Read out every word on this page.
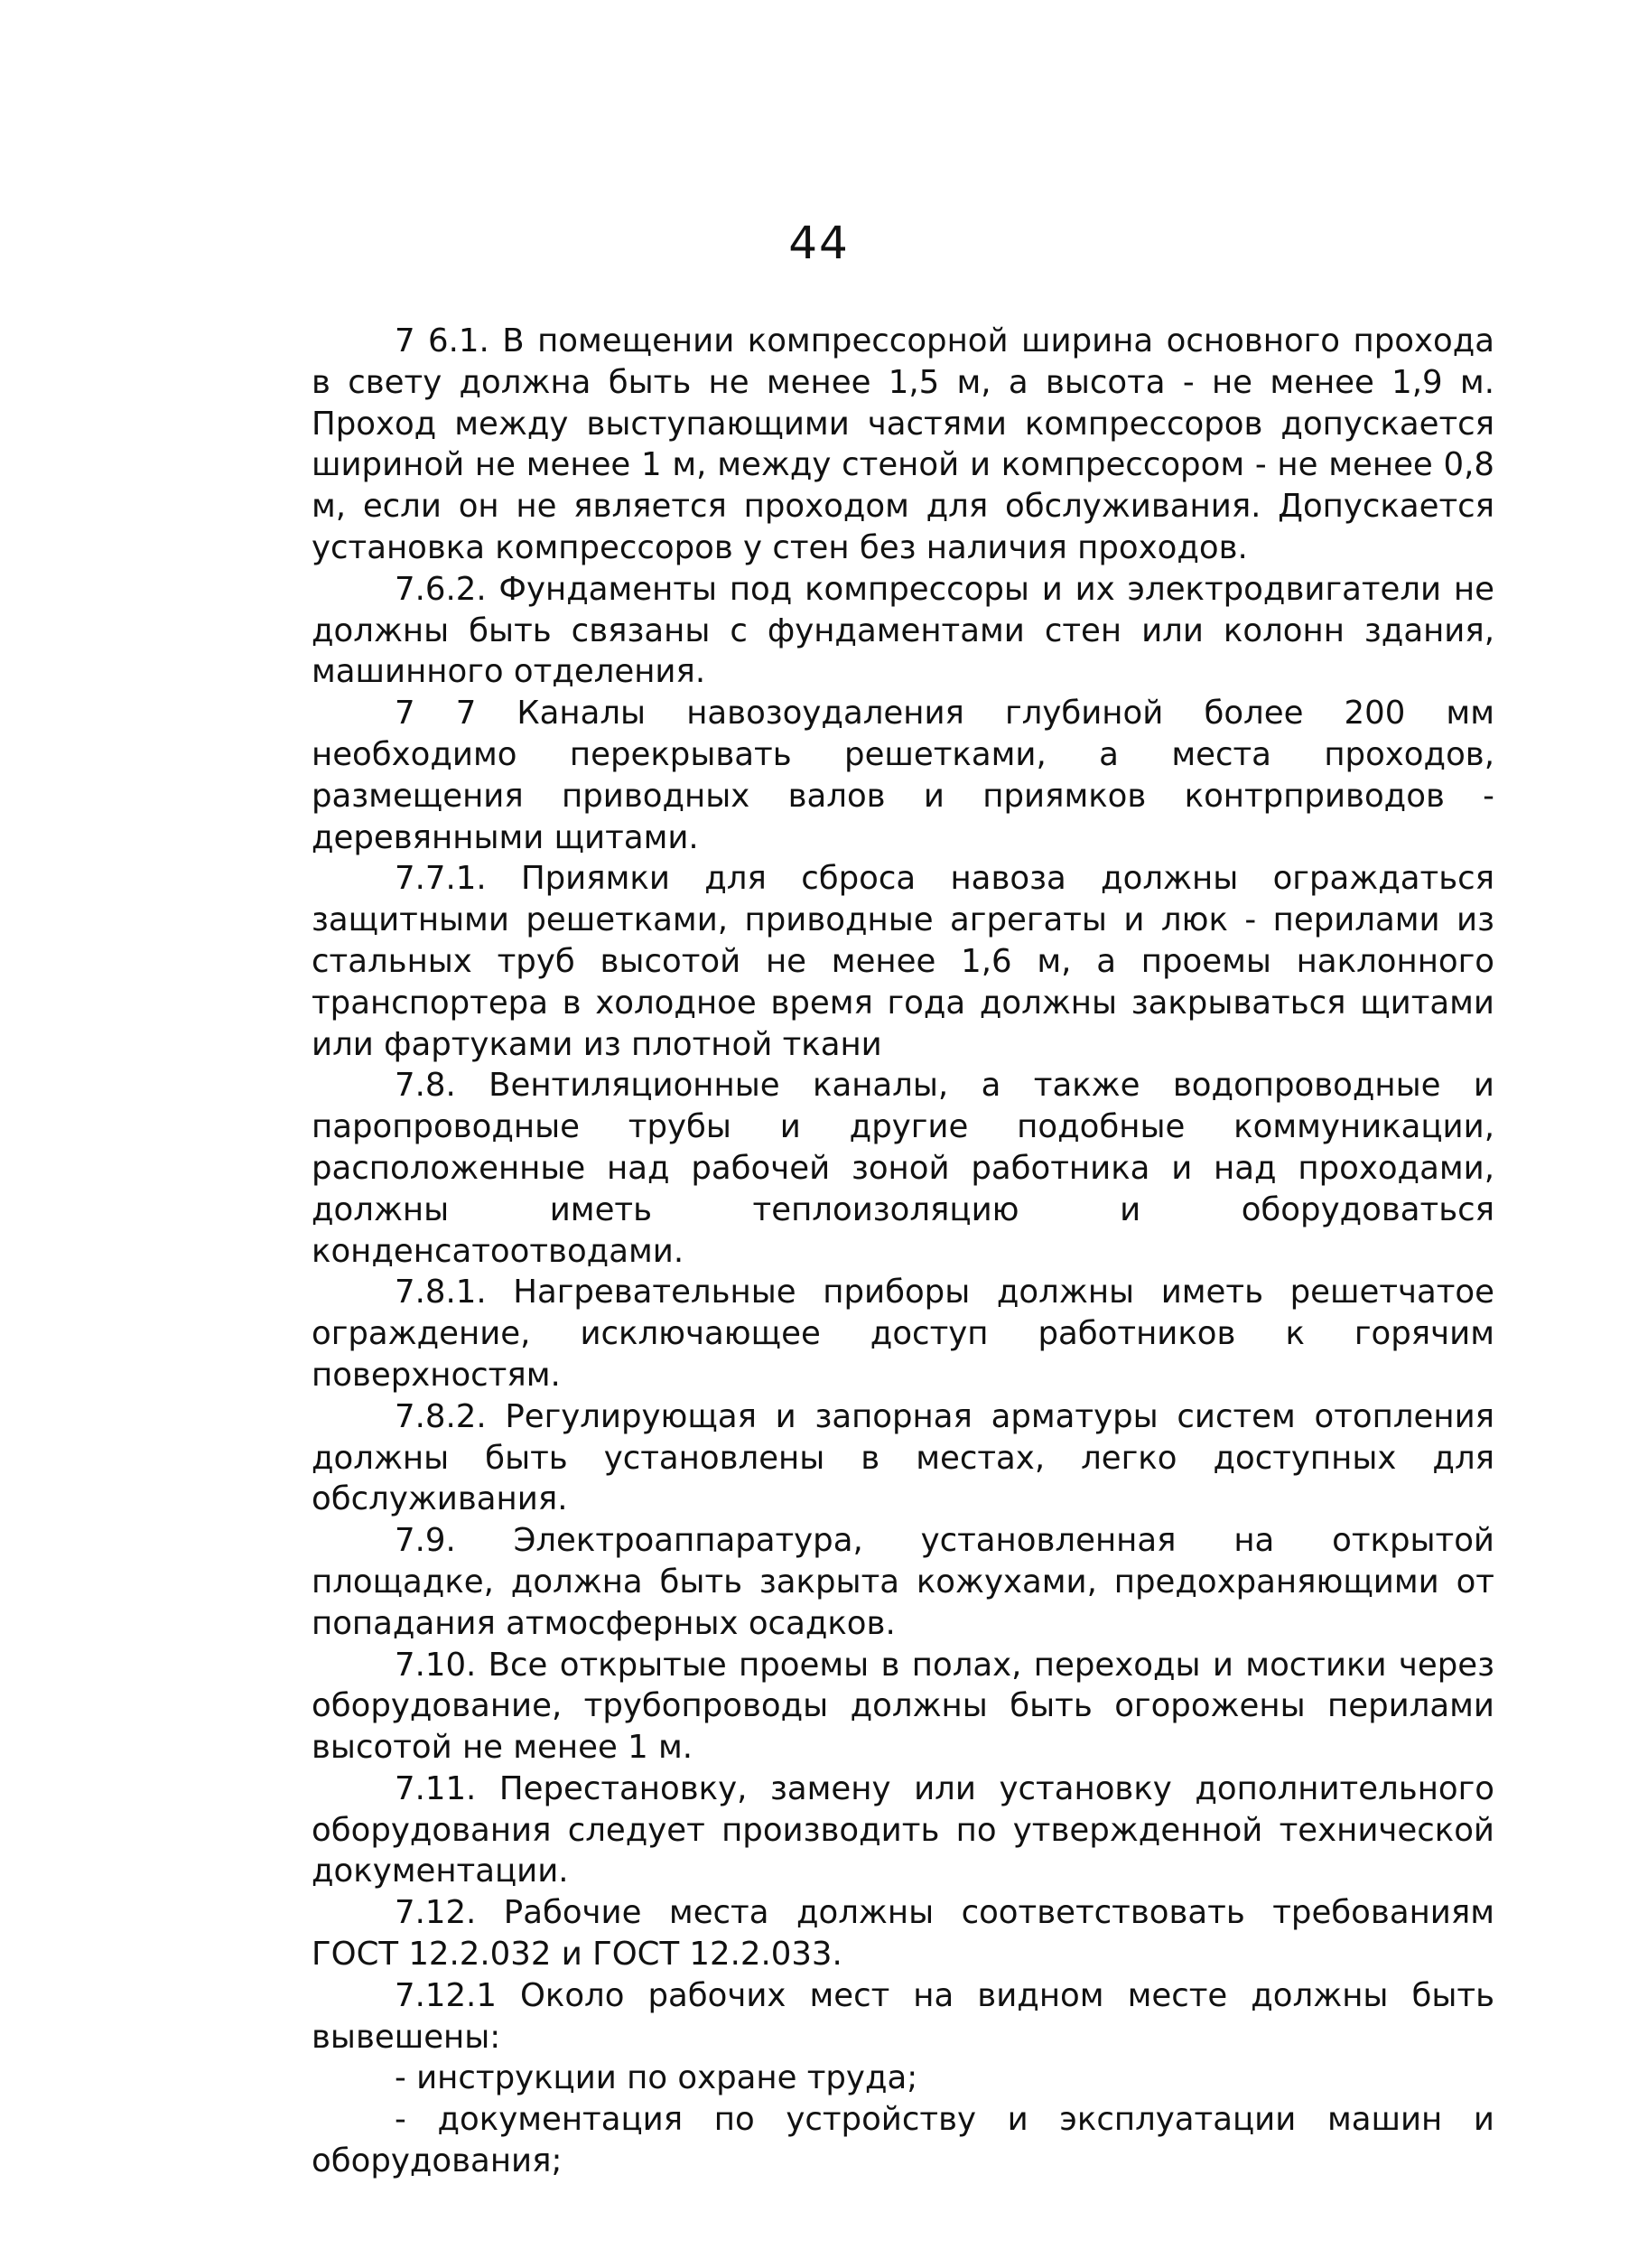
44

7 6.1. В помещении компрессорной ширина основного прохода в свету должна быть не менее 1,5 м, а высота - не менее 1,9 м. Проход между выступающими частями компрессоров допускается шириной не менее 1 м, между стеной и компрессором - не менее 0,8 м, если он не является проходом для обслуживания. Допускается установка компрессоров у стен без наличия проходов.

7.6.2. Фундаменты под компрессоры и их электродвигатели не должны быть связаны с фундаментами стен или колонн здания, машинного отделения.

7 7 Каналы навозоудаления глубиной более 200 мм необходимо перекрывать решетками, а места проходов, размещения приводных валов и приямков контрприводов - деревянными щитами.

7.7.1. Приямки для сброса навоза должны ограждаться защитными решетками, приводные агрегаты и люк - перилами из стальных труб высотой не менее 1,6 м, а проемы наклонного транспортера в холодное время года должны закрываться щитами или фартуками из плотной ткани

7.8. Вентиляционные каналы, а также водопроводные и паропроводные трубы и другие подобные коммуникации, расположенные над рабочей зоной работника и над проходами, должны иметь теплоизоляцию и оборудоваться конденсатоотводами.

7.8.1. Нагревательные приборы должны иметь решетчатое ограждение, исключающее доступ работников к горячим поверхностям.

7.8.2. Регулирующая и запорная арматуры систем отопления должны быть установлены в местах, легко доступных для обслуживания.

7.9. Электроаппаратура, установленная на открытой площадке, должна быть закрыта кожухами, предохраняющими от попадания атмосферных осадков.

7.10. Все открытые проемы в полах, переходы и мостики через оборудование, трубопроводы должны быть огорожены перилами высотой не менее 1 м.

7.11. Перестановку, замену или установку дополнительного оборудования следует производить по утвержденной технической документации.

7.12. Рабочие места должны соответствовать требованиям ГОСТ 12.2.032 и ГОСТ 12.2.033.

7.12.1 Около рабочих мест на видном месте должны быть вывешены:

- инструкции по охране труда;

- документация по устройству и эксплуатации машин и оборудования;
